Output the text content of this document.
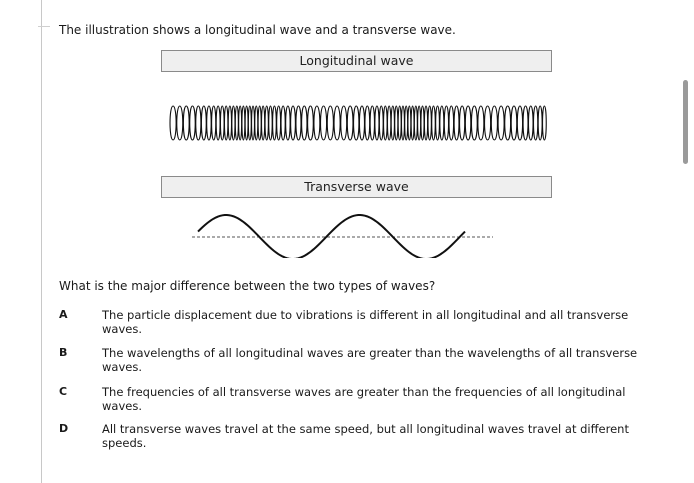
The illustration shows a longitudinal wave and a transverse wave.
Longitudinal wave
Transverse wave
What is the major difference between the two types of waves?
A	The particle displacement due to vibrations is different in all longitudinal and all transverse waves.
B	The wavelengths of all longitudinal waves are greater than the wavelengths of all transverse waves.
C	The frequencies of all transverse waves are greater than the frequencies of all longitudinal waves.
D	All transverse waves travel at the same speed, but all longitudinal waves travel at different speeds.
